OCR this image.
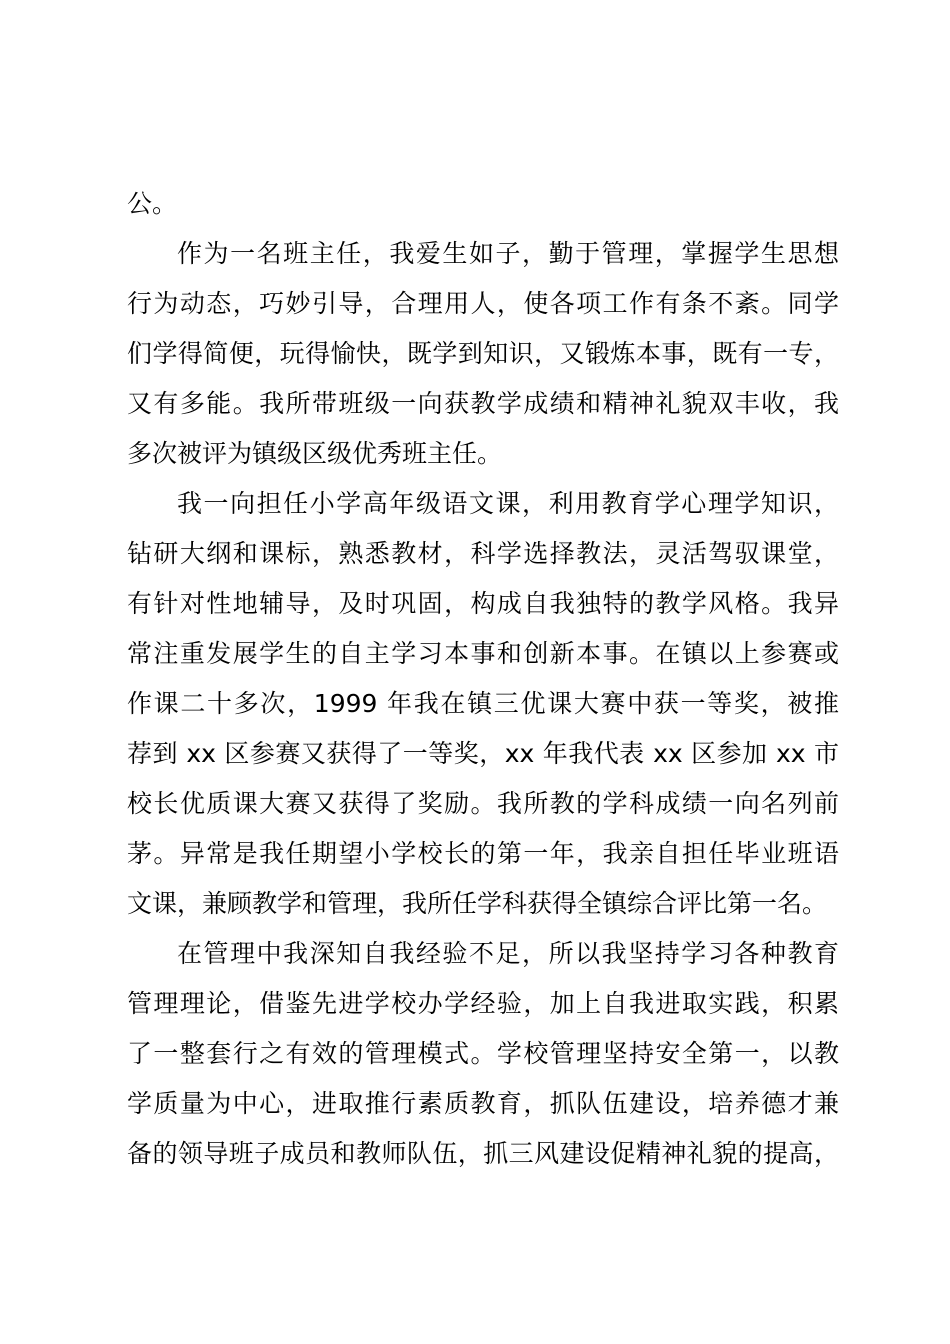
公。
作为一名班主任，我爱生如子，勤于管理，掌握学生思想
行为动态，巧妙引导，合理用人，使各项工作有条不紊。同学
们学得简便，玩得愉快，既学到知识，又锻炼本事，既有一专，
又有多能。我所带班级一向获教学成绩和精神礼貌双丰收，我
多次被评为镇级区级优秀班主任。
我一向担任小学高年级语文课，利用教育学心理学知识，
钻研大纲和课标，熟悉教材，科学选择教法，灵活驾驭课堂，
有针对性地辅导，及时巩固，构成自我独特的教学风格。我异
常注重发展学生的自主学习本事和创新本事。在镇以上参赛或
作课二十多次，1999 年我在镇三优课大赛中获一等奖，被推
荐到 xx 区参赛又获得了一等奖，xx 年我代表 xx 区参加 xx 市
校长优质课大赛又获得了奖励。我所教的学科成绩一向名列前
茅。异常是我任期望小学校长的第一年，我亲自担任毕业班语
文课，兼顾教学和管理，我所任学科获得全镇综合评比第一名。
在管理中我深知自我经验不足，所以我坚持学习各种教育
管理理论，借鉴先进学校办学经验，加上自我进取实践，积累
了一整套行之有效的管理模式。学校管理坚持安全第一，以教
学质量为中心，进取推行素质教育，抓队伍建设，培养德才兼
备的领导班子成员和教师队伍，抓三风建设促精神礼貌的提高，
